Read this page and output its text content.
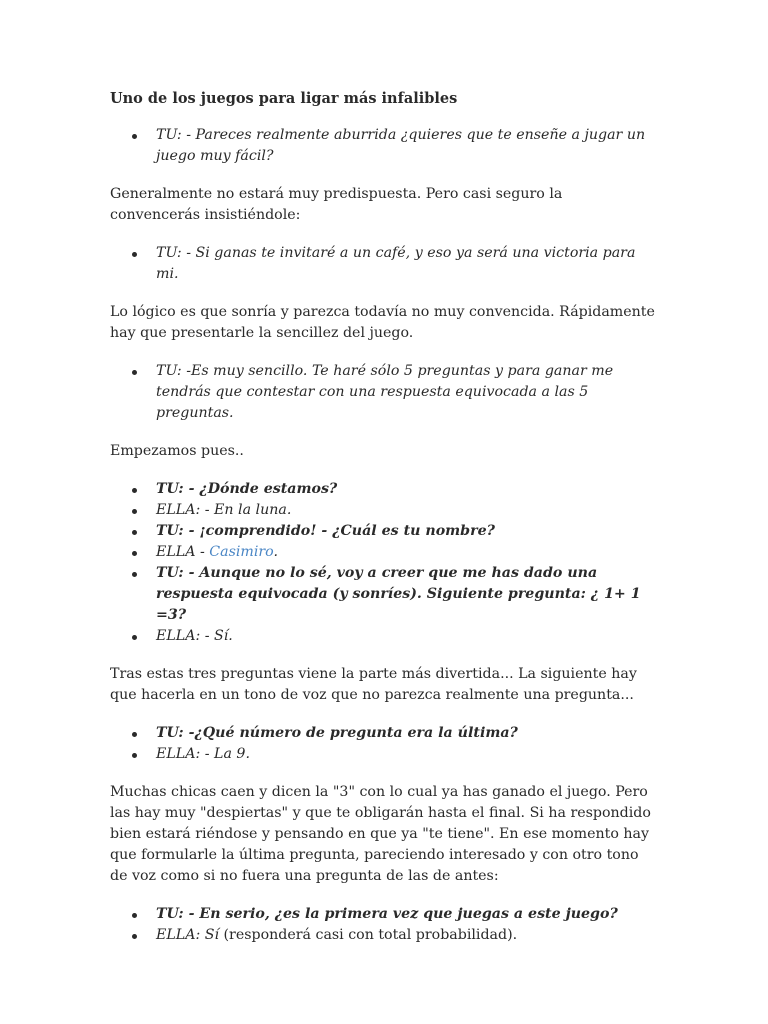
Uno de los juegos para ligar más infalibles
TU: - Pareces realmente aburrida ¿quieres que te enseñe a jugar un juego muy fácil?

Generalmente no estará muy predispuesta. Pero casi seguro la convencerás insistiéndole:

TU: - Si ganas te invitaré a un café, y eso ya será una victoria para mi.

Lo lógico es que sonría y parezca todavía no muy convencida. Rápidamente hay que presentarle la sencillez del juego.

TU: -Es muy sencillo. Te haré sólo 5 preguntas y para ganar me tendrás que contestar con una respuesta equivocada a las 5 preguntas.

Empezamos pues..

TU: - ¿Dónde estamos?
ELLA: - En la luna.
TU: - ¡comprendido! - ¿Cuál es tu nombre?
ELLA - Casimiro.
TU: - Aunque no lo sé, voy a creer que me has dado una respuesta equivocada (y sonríes). Siguiente pregunta: ¿ 1+ 1 =3?
ELLA: - Sí.

Tras estas tres preguntas viene la parte más divertida... La siguiente hay que hacerla en un tono de voz que no parezca realmente una pregunta...

TU: -¿Qué número de pregunta era la última?
ELLA: - La 9.

Muchas chicas caen y dicen la "3" con lo cual ya has ganado el juego. Pero las hay muy "despiertas" y que te obligarán hasta el final. Si ha respondido bien estará riéndose y pensando en que ya "te tiene". En ese momento hay que formularle la última pregunta, pareciendo interesado y con otro tono de voz como si no fuera una pregunta de las de antes:

TU: - En serio, ¿es la primera vez que juegas a este juego?
ELLA: Sí (responderá casi con total probabilidad).
